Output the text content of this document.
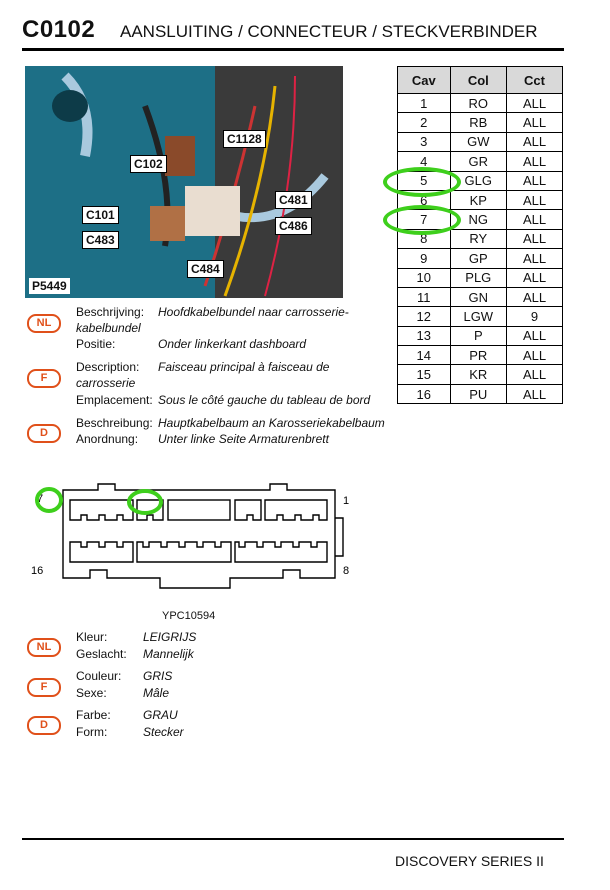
C0102 AANSLUITING / CONNECTEUR / STECKVERBINDER
C1128
C102
C481
C101
C486
C483
C484
P5449
Cav	Col	Cct
1	RO	ALL
2	RB	ALL
3	GW	ALL
4	GR	ALL
5	GLG	ALL
6	KP	ALL
7	NG	ALL
8	RY	ALL
9	GP	ALL
10	PLG	ALL
11	GN	ALL
12	LGW	9
13	P	ALL
14	PR	ALL
15	KR	ALL
16	PU	ALL
NL
Beschrijving: Hoofdkabelbundel naar carrosserie-
kabelbundel
Positie:	Onder linkerkant dashboard
F
Description: Faisceau principal à faisceau de
carrosserie
Emplacement: Sous le côté gauche du tableau de bord
D
Beschreibung: Hauptkabelbaum an Karosseriekabelbaum
Anordnung: Unter linke Seite Armaturenbrett
7	1
16	8
YPC10594
NL
Kleur:	LEIGRIJS
Geslacht: Mannelijk
F
Couleur: GRIS
Sexe:	Mâle
D
Farbe:	GRAU
Form:	Stecker
DISCOVERY SERIES II
